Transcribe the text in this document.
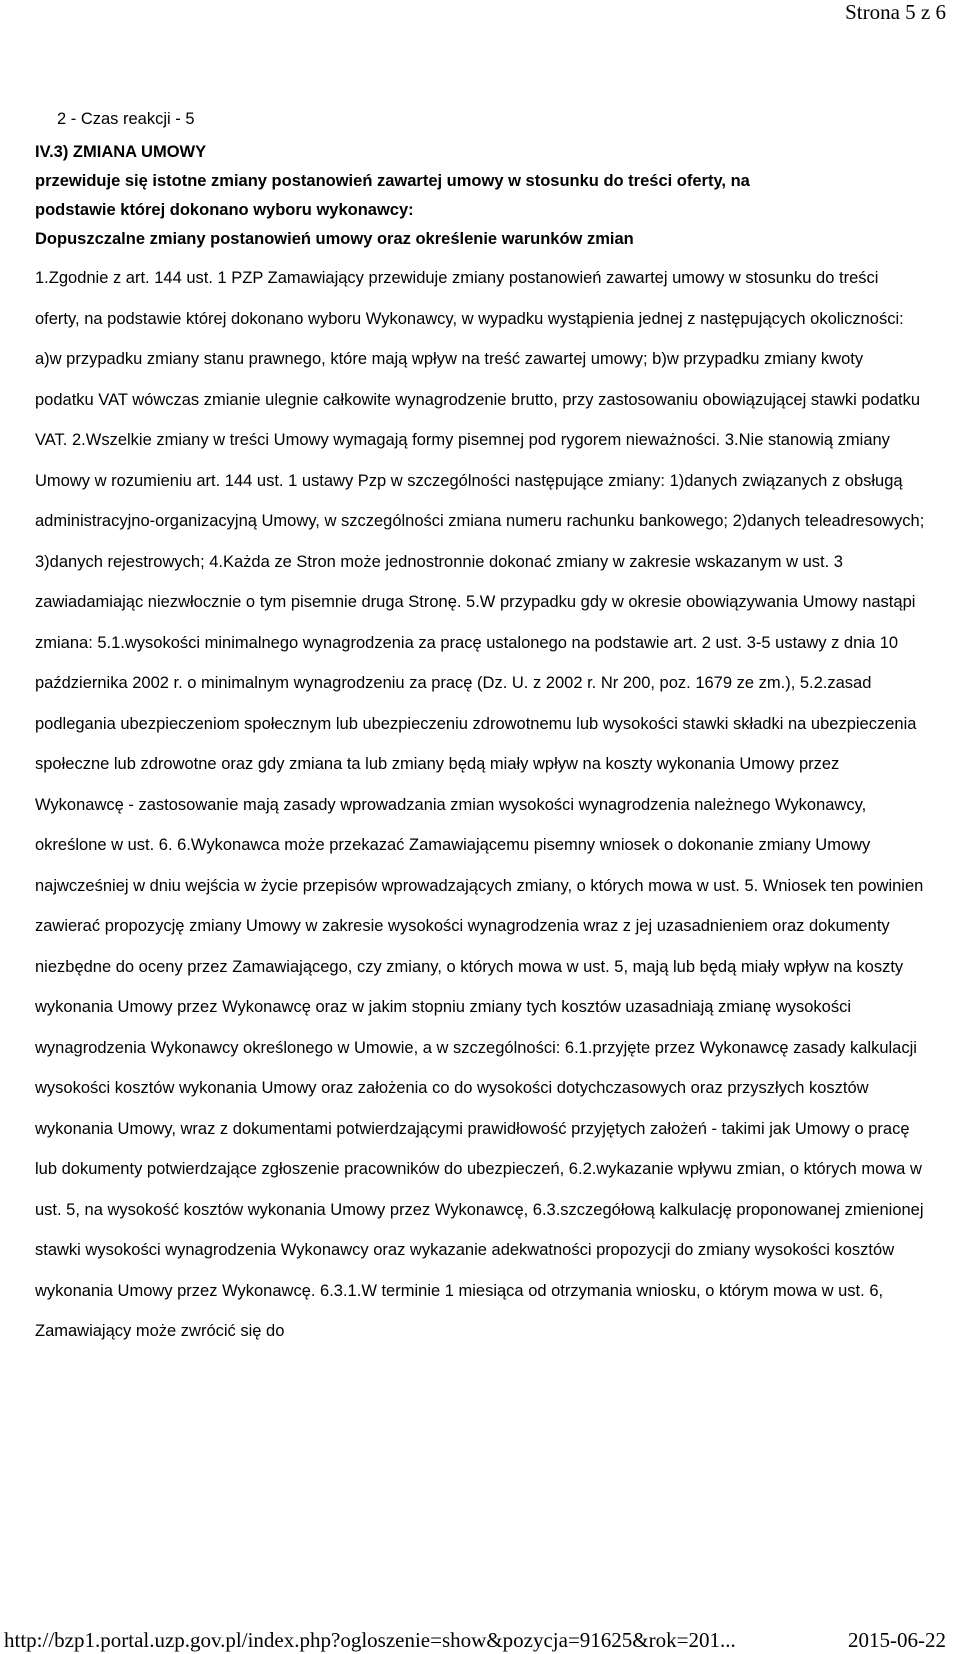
Strona 5 z 6

2 - Czas reakcji - 5

IV.3) ZMIANA UMOWY

przewiduje się istotne zmiany postanowień zawartej umowy w stosunku do treści oferty, na

podstawie której dokonano wyboru wykonawcy:

Dopuszczalne zmiany postanowień umowy oraz określenie warunków zmian

1.Zgodnie z art. 144 ust. 1 PZP Zamawiający przewiduje zmiany postanowień zawartej umowy w stosunku do treści oferty, na podstawie której dokonano wyboru Wykonawcy, w wypadku wystąpienia jednej z następujących okoliczności: a)w przypadku zmiany stanu prawnego, które mają wpływ na treść zawartej umowy; b)w przypadku zmiany kwoty podatku VAT wówczas zmianie ulegnie całkowite wynagrodzenie brutto, przy zastosowaniu obowiązującej stawki podatku VAT. 2.Wszelkie zmiany w treści Umowy wymagają formy pisemnej pod rygorem nieważności. 3.Nie stanowią zmiany Umowy w rozumieniu art. 144 ust. 1 ustawy Pzp w szczególności następujące zmiany: 1)danych związanych z obsługą administracyjno-organizacyjną Umowy, w szczególności zmiana numeru rachunku bankowego; 2)danych teleadresowych; 3)danych rejestrowych; 4.Każda ze Stron może jednostronnie dokonać zmiany w zakresie wskazanym w ust. 3 zawiadamiając niezwłocznie o tym pisemnie druga Stronę. 5.W przypadku gdy w okresie obowiązywania Umowy nastąpi zmiana: 5.1.wysokości minimalnego wynagrodzenia za pracę ustalonego na podstawie art. 2 ust. 3-5 ustawy z dnia 10 października 2002 r. o minimalnym wynagrodzeniu za pracę (Dz. U. z 2002 r. Nr 200, poz. 1679 ze zm.), 5.2.zasad podlegania ubezpieczeniom społecznym lub ubezpieczeniu zdrowotnemu lub wysokości stawki składki na ubezpieczenia społeczne lub zdrowotne oraz gdy zmiana ta lub zmiany będą miały wpływ na koszty wykonania Umowy przez Wykonawcę - zastosowanie mają zasady wprowadzania zmian wysokości wynagrodzenia należnego Wykonawcy, określone w ust. 6. 6.Wykonawca może przekazać Zamawiającemu pisemny wniosek o dokonanie zmiany Umowy najwcześniej w dniu wejścia w życie przepisów wprowadzających zmiany, o których mowa w ust. 5. Wniosek ten powinien zawierać propozycję zmiany Umowy w zakresie wysokości wynagrodzenia wraz z jej uzasadnieniem oraz dokumenty niezbędne do oceny przez Zamawiającego, czy zmiany, o których mowa w ust. 5, mają lub będą miały wpływ na koszty wykonania Umowy przez Wykonawcę oraz w jakim stopniu zmiany tych kosztów uzasadniają zmianę wysokości wynagrodzenia Wykonawcy określonego w Umowie, a w szczególności: 6.1.przyjęte przez Wykonawcę zasady kalkulacji wysokości kosztów wykonania Umowy oraz założenia co do wysokości dotychczasowych oraz przyszłych kosztów wykonania Umowy, wraz z dokumentami potwierdzającymi prawidłowość przyjętych założeń - takimi jak Umowy o pracę lub dokumenty potwierdzające zgłoszenie pracowników do ubezpieczeń, 6.2.wykazanie wpływu zmian, o których mowa w ust. 5, na wysokość kosztów wykonania Umowy przez Wykonawcę, 6.3.szczegółową kalkulację proponowanej zmienionej stawki wysokości wynagrodzenia Wykonawcy oraz wykazanie adekwatności propozycji do zmiany wysokości kosztów wykonania Umowy przez Wykonawcę. 6.3.1.W terminie 1 miesiąca od otrzymania wniosku, o którym mowa w ust. 6, Zamawiający może zwrócić się do

http://bzp1.portal.uzp.gov.pl/index.php?ogloszenie=show&pozycja=91625&rok=201...	2015-06-22
